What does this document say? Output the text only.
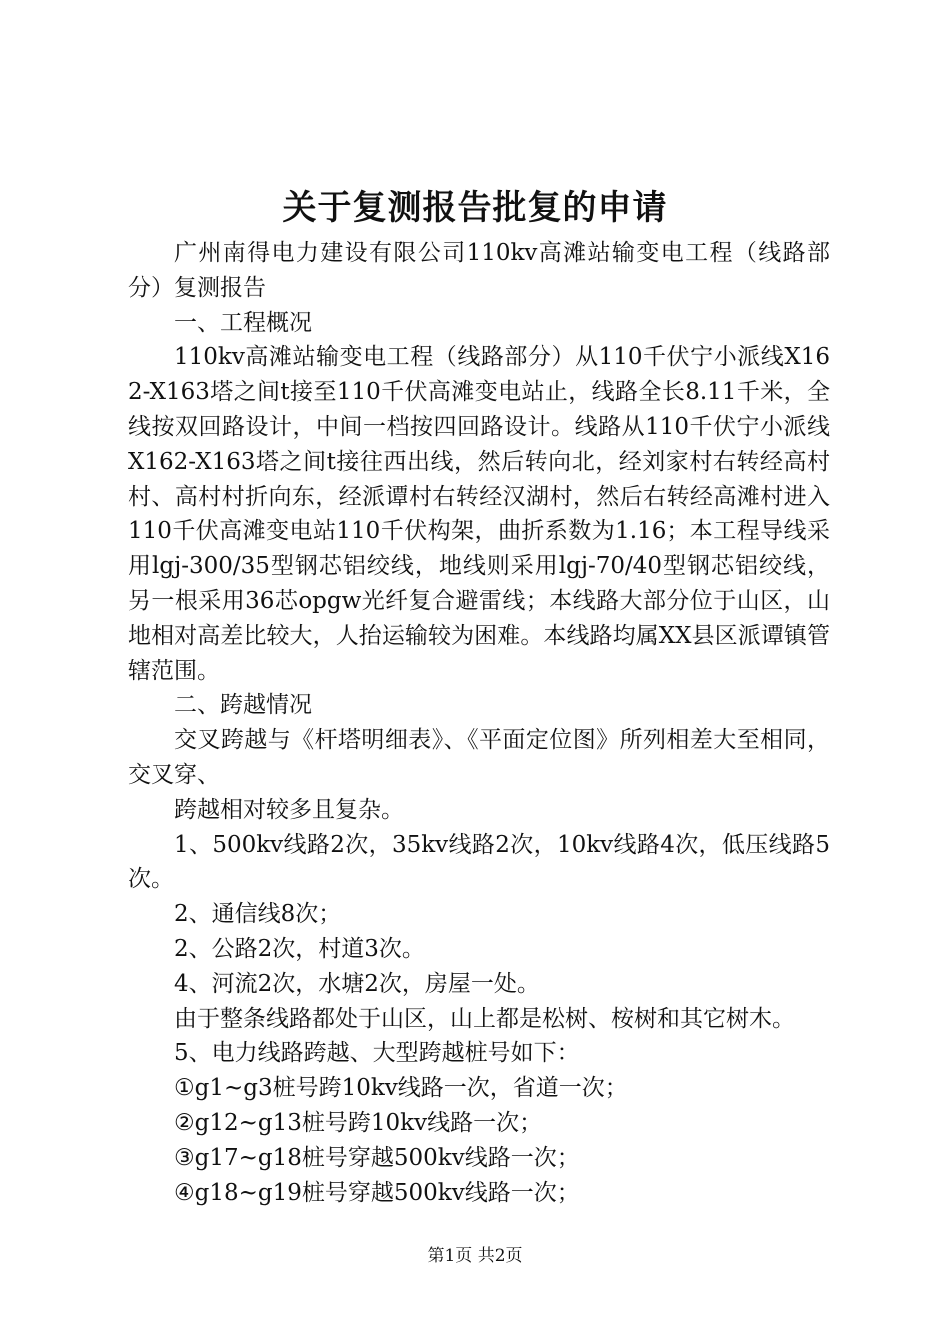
关于复测报告批复的申请

广州南得电力建设有限公司110kv高滩站输变电工程（线路部分）复测报告

一、工程概况

110kv高滩站输变电工程（线路部分）从110千伏宁小派线X162-X163塔之间t接至110千伏高滩变电站止，线路全长8.11千米，全线按双回路设计，中间一档按四回路设计。线路从110千伏宁小派线X162-X163塔之间t接往西出线，然后转向北，经刘家村右转经高村村、高村村折向东，经派谭村右转经汉湖村，然后右转经高滩村进入110千伏高滩变电站110千伏构架，曲折系数为1.16；本工程导线采用lgj-300/35型钢芯铝绞线，地线则采用lgj-70/40型钢芯铝绞线，另一根采用36芯opgw光纤复合避雷线；本线路大部分位于山区，山地相对高差比较大，人抬运输较为困难。本线路均属XX县区派谭镇管辖范围。

二、跨越情况

交叉跨越与《杆塔明细表》、《平面定位图》所列相差大至相同，交叉穿、

跨越相对较多且复杂。

1、500kv线路2次，35kv线路2次，10kv线路4次，低压线路5次。

2、通信线8次；

2、公路2次，村道3次。

4、河流2次，水塘2次，房屋一处。

由于整条线路都处于山区，山上都是松树、桉树和其它树木。

5、电力线路跨越、大型跨越桩号如下：

①g1~g3桩号跨10kv线路一次，省道一次；

②g12~g13桩号跨10kv线路一次；

③g17~g18桩号穿越500kv线路一次；

④g18~g19桩号穿越500kv线路一次；

第1页 共2页
